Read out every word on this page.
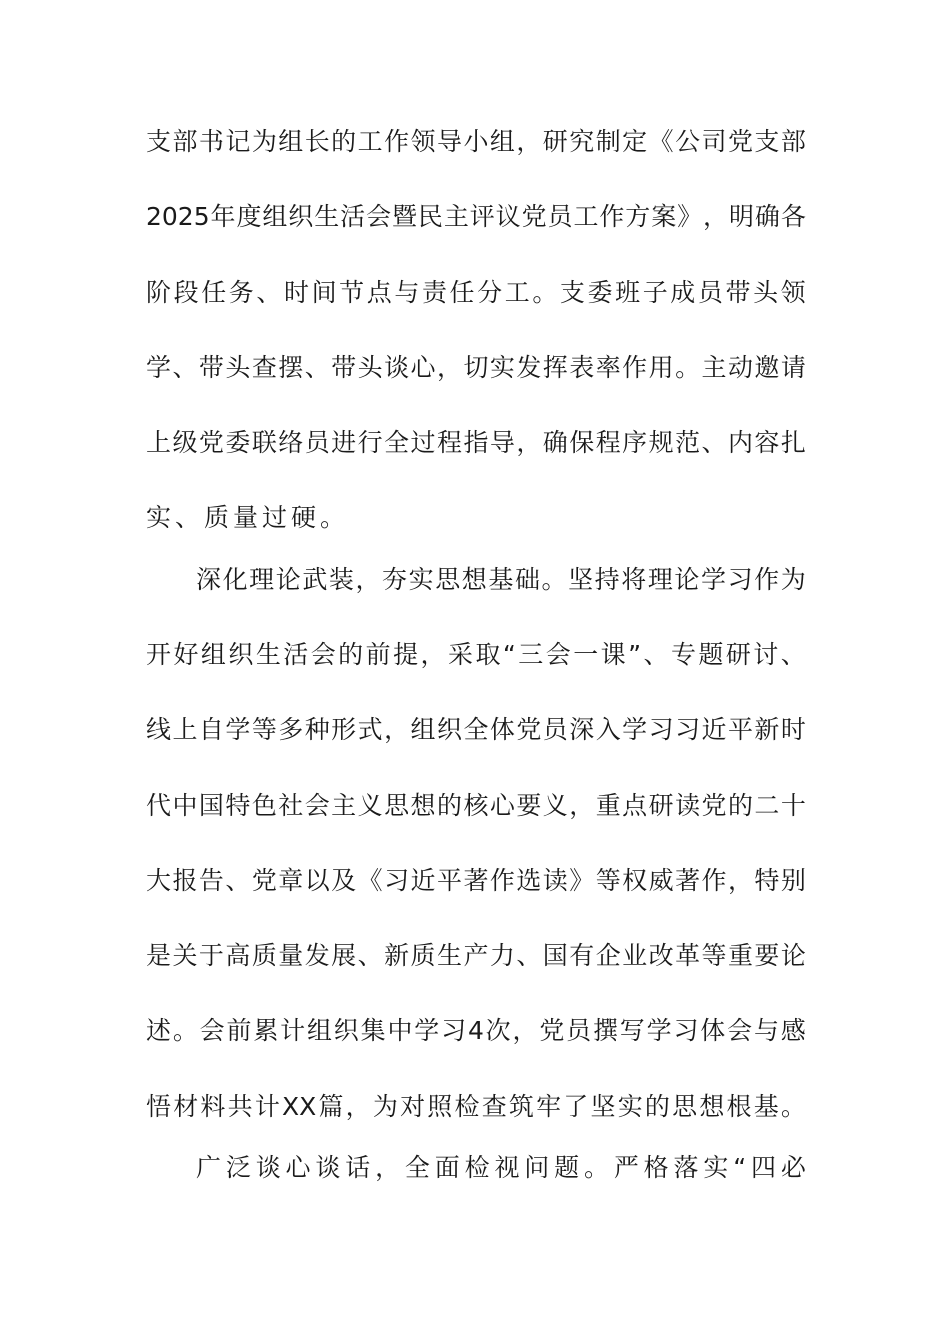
支 部 书 记 为 组 长 的 工 作 领 导 小 组 ， 研 究 制 定 《 公 司 党 支 部
2025 年 度 组 织 生 活 会 暨 民 主 评 议 党 员 工 作 方 案 》 ， 明 确 各
阶 段 任 务 、 时 间 节 点 与 责 任 分 工 。 支 委 班 子 成 员 带 头 领
学 、 带 头 查 摆 、 带 头 谈 心 ， 切 实 发 挥 表 率 作 用 。 主 动 邀 请
上 级 党 委 联 络 员 进 行 全 过 程 指 导 ， 确 保 程 序 规 范 、 内 容 扎
实、质量过硬。
深 化 理 论 武 装 ， 夯 实 思 想 基 础 。 坚 持 将 理 论 学 习 作 为
开 好 组 织 生 活 会 的 前 提 ， 采 取 “ 三 会 一 课 ” 、 专 题 研 讨 、
线 上 自 学 等 多 种 形 式 ， 组 织 全 体 党 员 深 入 学 习 习 近 平 新 时
代 中 国 特 色 社 会 主 义 思 想 的 核 心 要 义 ， 重 点 研 读 党 的 二 十
大 报 告 、 党 章 以 及 《 习 近 平 著 作 选 读 》 等 权 威 著 作 ， 特 别
是 关 于 高 质 量 发 展 、 新 质 生 产 力 、 国 有 企 业 改 革 等 重 要 论
述 。 会 前 累 计 组 织 集 中 学 习 4 次 ， 党 员 撰 写 学 习 体 会 与 感
悟 材 料 共 计 XX 篇 ， 为 对 照 检 查 筑 牢 了 坚 实 的 思 想 根 基 。
广 泛 谈 心 谈 话 ， 全 面 检 视 问 题 。 严 格 落 实 “ 四 必
